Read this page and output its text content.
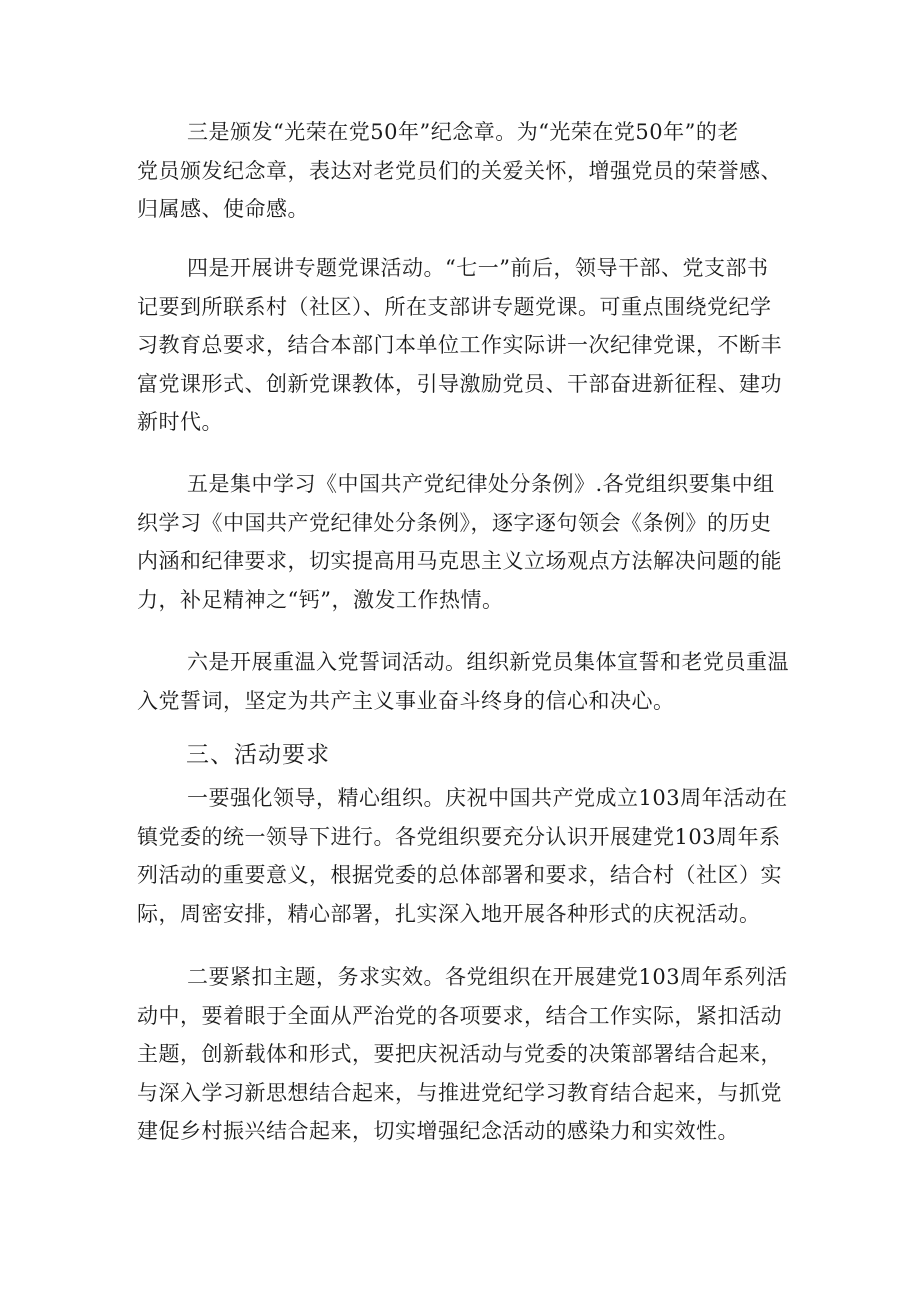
三是颁发“光荣在党50年”纪念章。为“光荣在党50年”的老
党员颁发纪念章，表达对老党员们的关爱关怀，增强党员的荣誉感、
归属感、使命感。
四是开展讲专题党课活动。“七一”前后，领导干部、党支部书
记要到所联系村（社区）、所在支部讲专题党课。可重点围绕党纪学
习教育总要求，结合本部门本单位工作实际讲一次纪律党课，不断丰
富党课形式、创新党课教体，引导激励党员、干部奋进新征程、建功
新时代。
五是集中学习《中国共产党纪律处分条例》.各党组织要集中组
织学习《中国共产党纪律处分条例》，逐字逐句领会《条例》的历史
内涵和纪律要求，切实提高用马克思主义立场观点方法解决问题的能
力，补足精神之“钙”，激发工作热情。
六是开展重温入党誓词活动。组织新党员集体宣誓和老党员重温
入党誓词，坚定为共产主义事业奋斗终身的信心和决心。
三、活动要求
一要强化领导，精心组织。庆祝中国共产党成立103周年活动在
镇党委的统一领导下进行。各党组织要充分认识开展建党103周年系
列活动的重要意义，根据党委的总体部署和要求，结合村（社区）实
际，周密安排，精心部署，扎实深入地开展各种形式的庆祝活动。
二要紧扣主题，务求实效。各党组织在开展建党103周年系列活
动中，要着眼于全面从严治党的各项要求，结合工作实际，紧扣活动
主题，创新载体和形式，要把庆祝活动与党委的决策部署结合起来，
与深入学习新思想结合起来，与推进党纪学习教育结合起来，与抓党
建促乡村振兴结合起来，切实增强纪念活动的感染力和实效性。
